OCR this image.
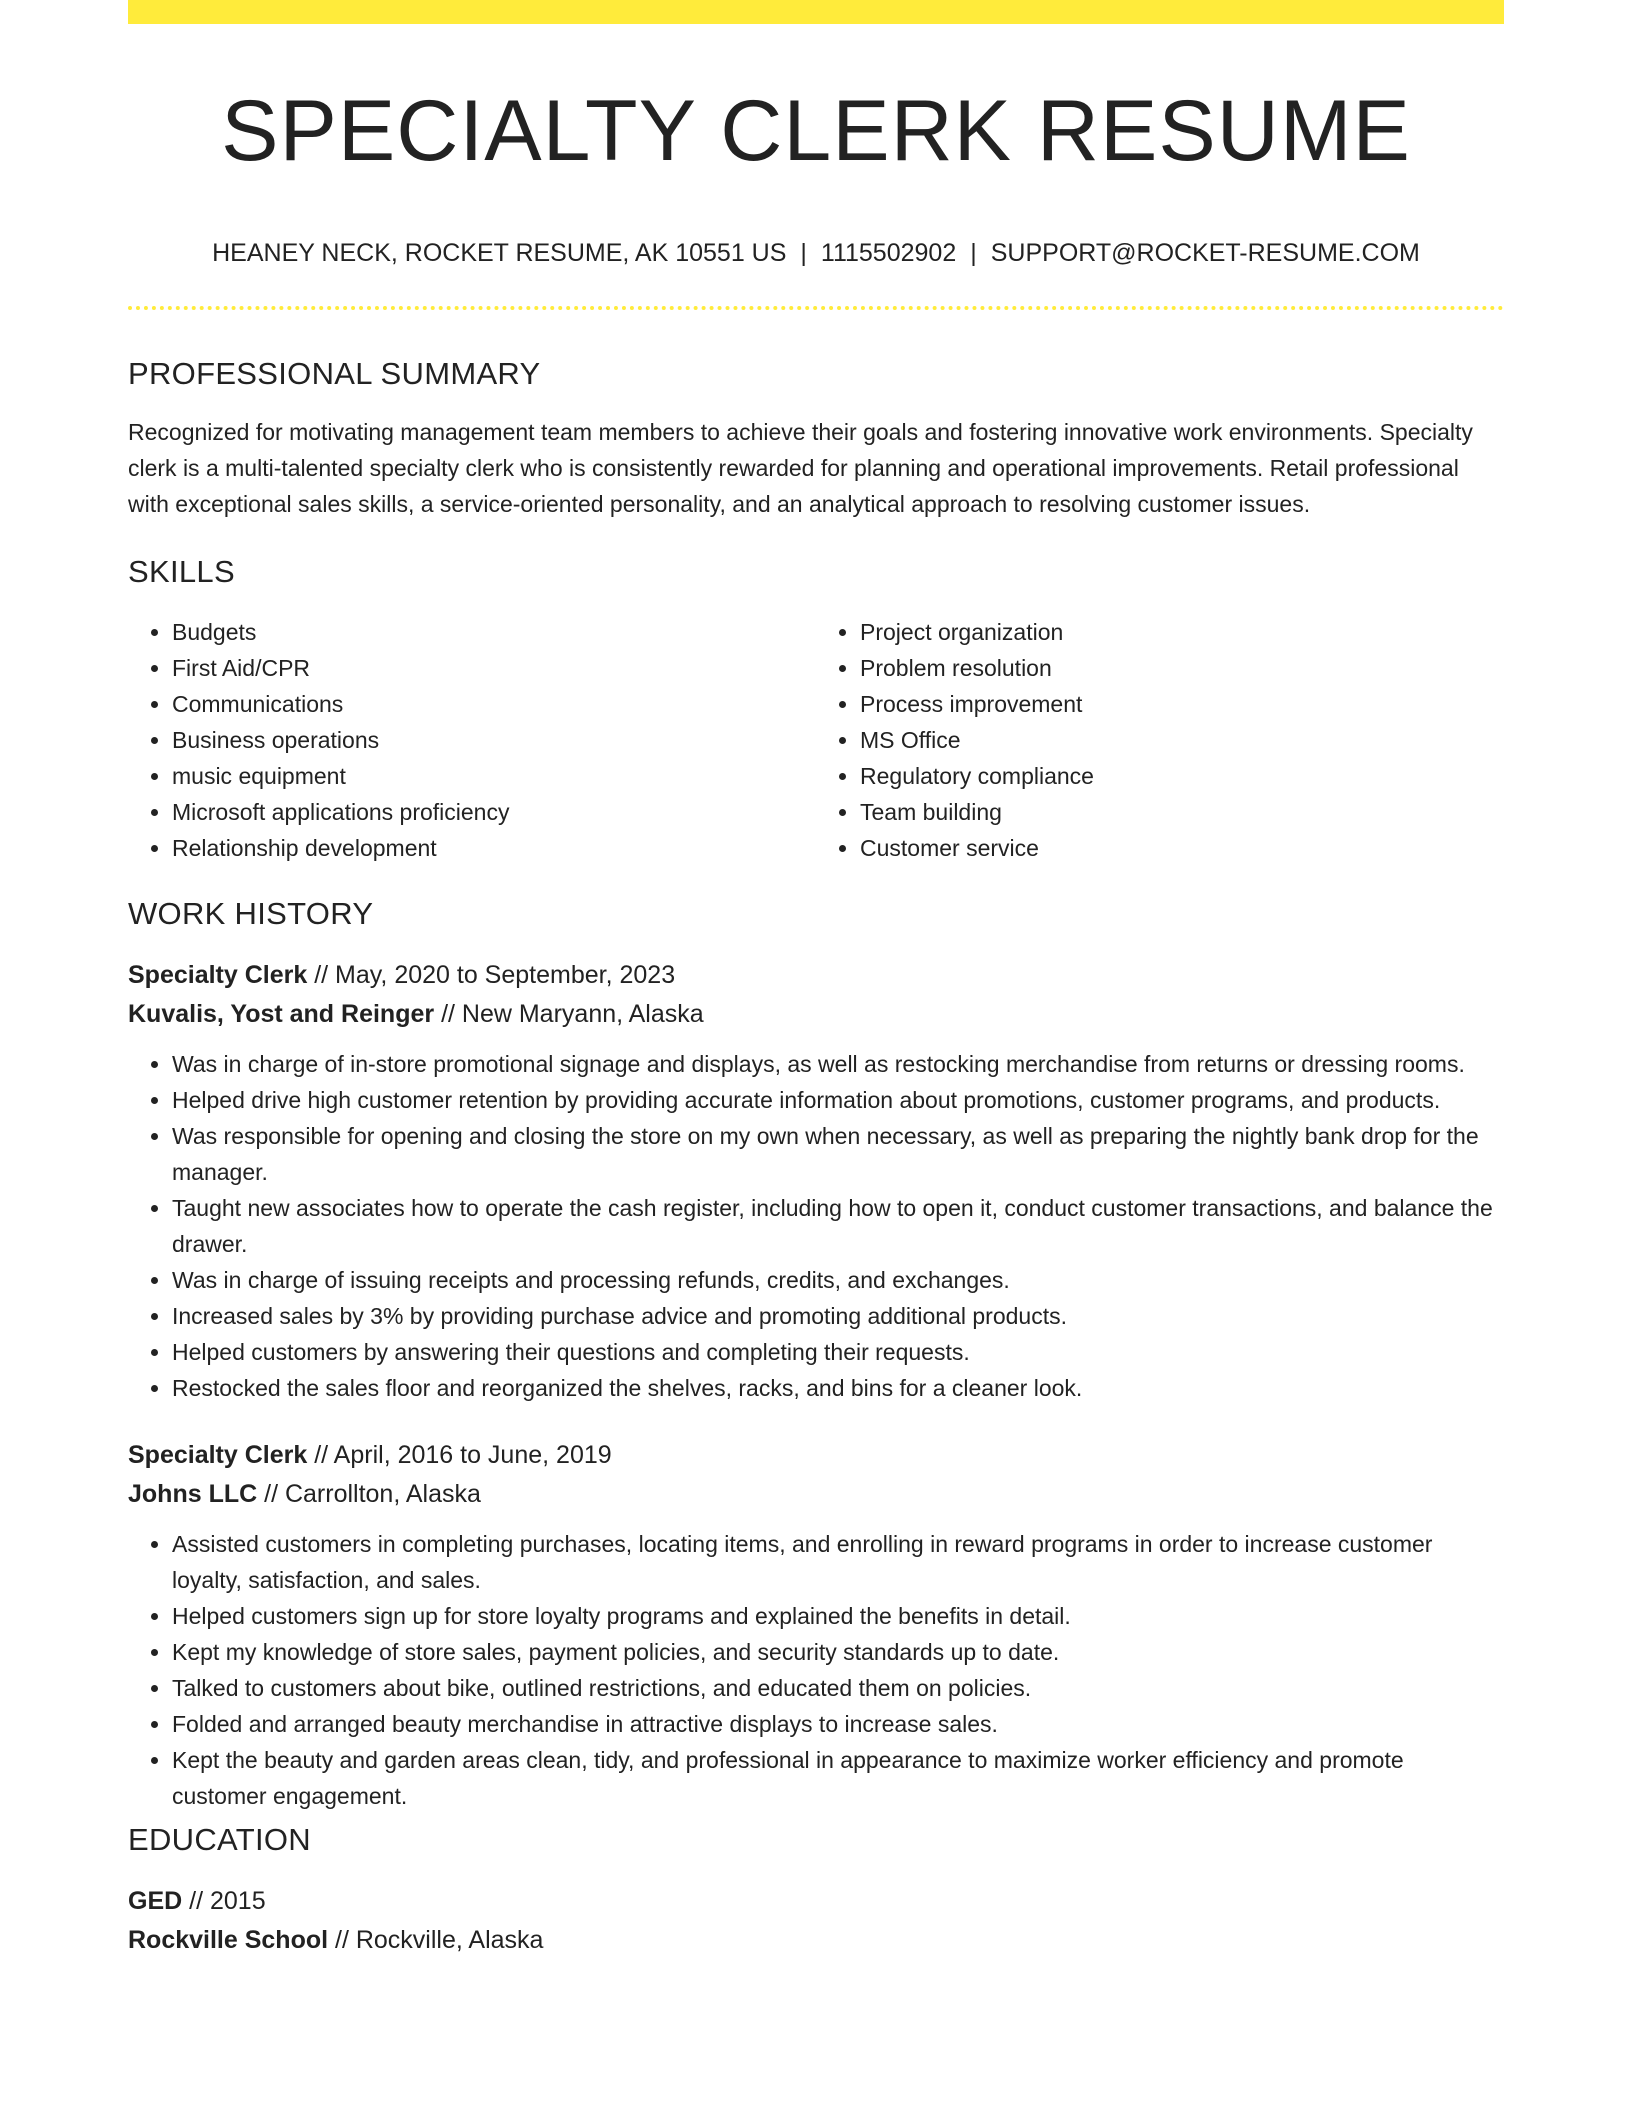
SPECIALTY CLERK RESUME
HEANEY NECK, ROCKET RESUME, AK 10551 US | 1115502902 | SUPPORT@ROCKET-RESUME.COM
PROFESSIONAL SUMMARY

Recognized for motivating management team members to achieve their goals and fostering innovative work environments. Specialty clerk is a multi-talented specialty clerk who is consistently rewarded for planning and operational improvements. Retail professional with exceptional sales skills, a service-oriented personality, and an analytical approach to resolving customer issues.

SKILLS
• Budgets
• First Aid/CPR
• Communications
• Business operations
• music equipment
• Microsoft applications proficiency
• Relationship development
• Project organization
• Problem resolution
• Process improvement
• MS Office
• Regulatory compliance
• Team building
• Customer service
WORK HISTORY
Specialty Clerk // May, 2020 to September, 2023
Kuvalis, Yost and Reinger // New Maryann, Alaska
• Was in charge of in-store promotional signage and displays, as well as restocking merchandise from returns or dressing rooms.
• Helped drive high customer retention by providing accurate information about promotions, customer programs, and products.
• Was responsible for opening and closing the store on my own when necessary, as well as preparing the nightly bank drop for the manager.
• Taught new associates how to operate the cash register, including how to open it, conduct customer transactions, and balance the drawer.
• Was in charge of issuing receipts and processing refunds, credits, and exchanges.
• Increased sales by 3% by providing purchase advice and promoting additional products.
• Helped customers by answering their questions and completing their requests.
• Restocked the sales floor and reorganized the shelves, racks, and bins for a cleaner look.
Specialty Clerk // April, 2016 to June, 2019
Johns LLC // Carrollton, Alaska
• Assisted customers in completing purchases, locating items, and enrolling in reward programs in order to increase customer loyalty, satisfaction, and sales.
• Helped customers sign up for store loyalty programs and explained the benefits in detail.
• Kept my knowledge of store sales, payment policies, and security standards up to date.
• Talked to customers about bike, outlined restrictions, and educated them on policies.
• Folded and arranged beauty merchandise in attractive displays to increase sales.
• Kept the beauty and garden areas clean, tidy, and professional in appearance to maximize worker efficiency and promote customer engagement.
EDUCATION
GED // 2015
Rockville School // Rockville, Alaska
